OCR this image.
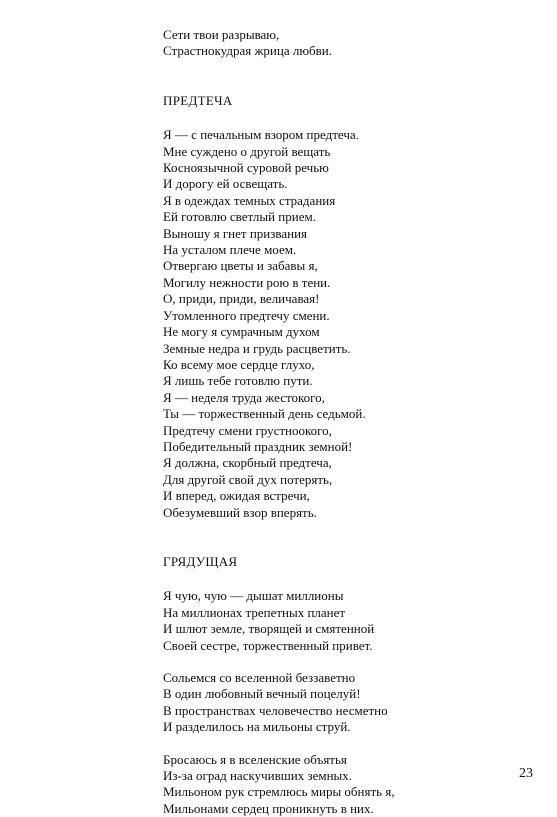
Сети твои разрываю,

Страстнокудрая жрица любви.

ПРЕДТЕЧА

Я — с печальным взором предтеча.

Мне суждено о другой вещать

Косноязычной суровой речью

И дорогу ей освещать.

Я в одеждах темных страдания

Ей готовлю светлый прием.

Выношу я гнет призвания

На усталом плече моем.

Отвергаю цветы и забавы я,

Могилу нежности рою в тени.

О, приди, приди, величавая!

Утомленного предтечу смени.

Не могу я сумрачным духом

Земные недра и грудь расцветить.

Ко всему мое сердце глухо,

Я лишь тебе готовлю пути.

Я — неделя труда жестокого,

Ты — торжественный день седьмой.

Предтечу смени грустноокого,

Победительный праздник земной!

Я должна, скорбный предтеча,

Для другой свой дух потерять,

И вперед, ожидая встречи,

Обезумевший взор вперять.

ГРЯДУЩАЯ

Я чую, чую — дышат миллионы

На миллионах трепетных планет

И шлют земле, творящей и смятенной

Своей сестре, торжественный привет.

Сольемся со вселенной беззаветно

В один любовный вечный поцелуй!

В пространствах человечество несметно

И разделилось на мильоны струй.

Бросаюсь я в вселенские объятья

Из-за оград наскучивших земных.

Мильоном рук стремлюсь миры обнять я,

Мильонами сердец проникнуть в них.

23
